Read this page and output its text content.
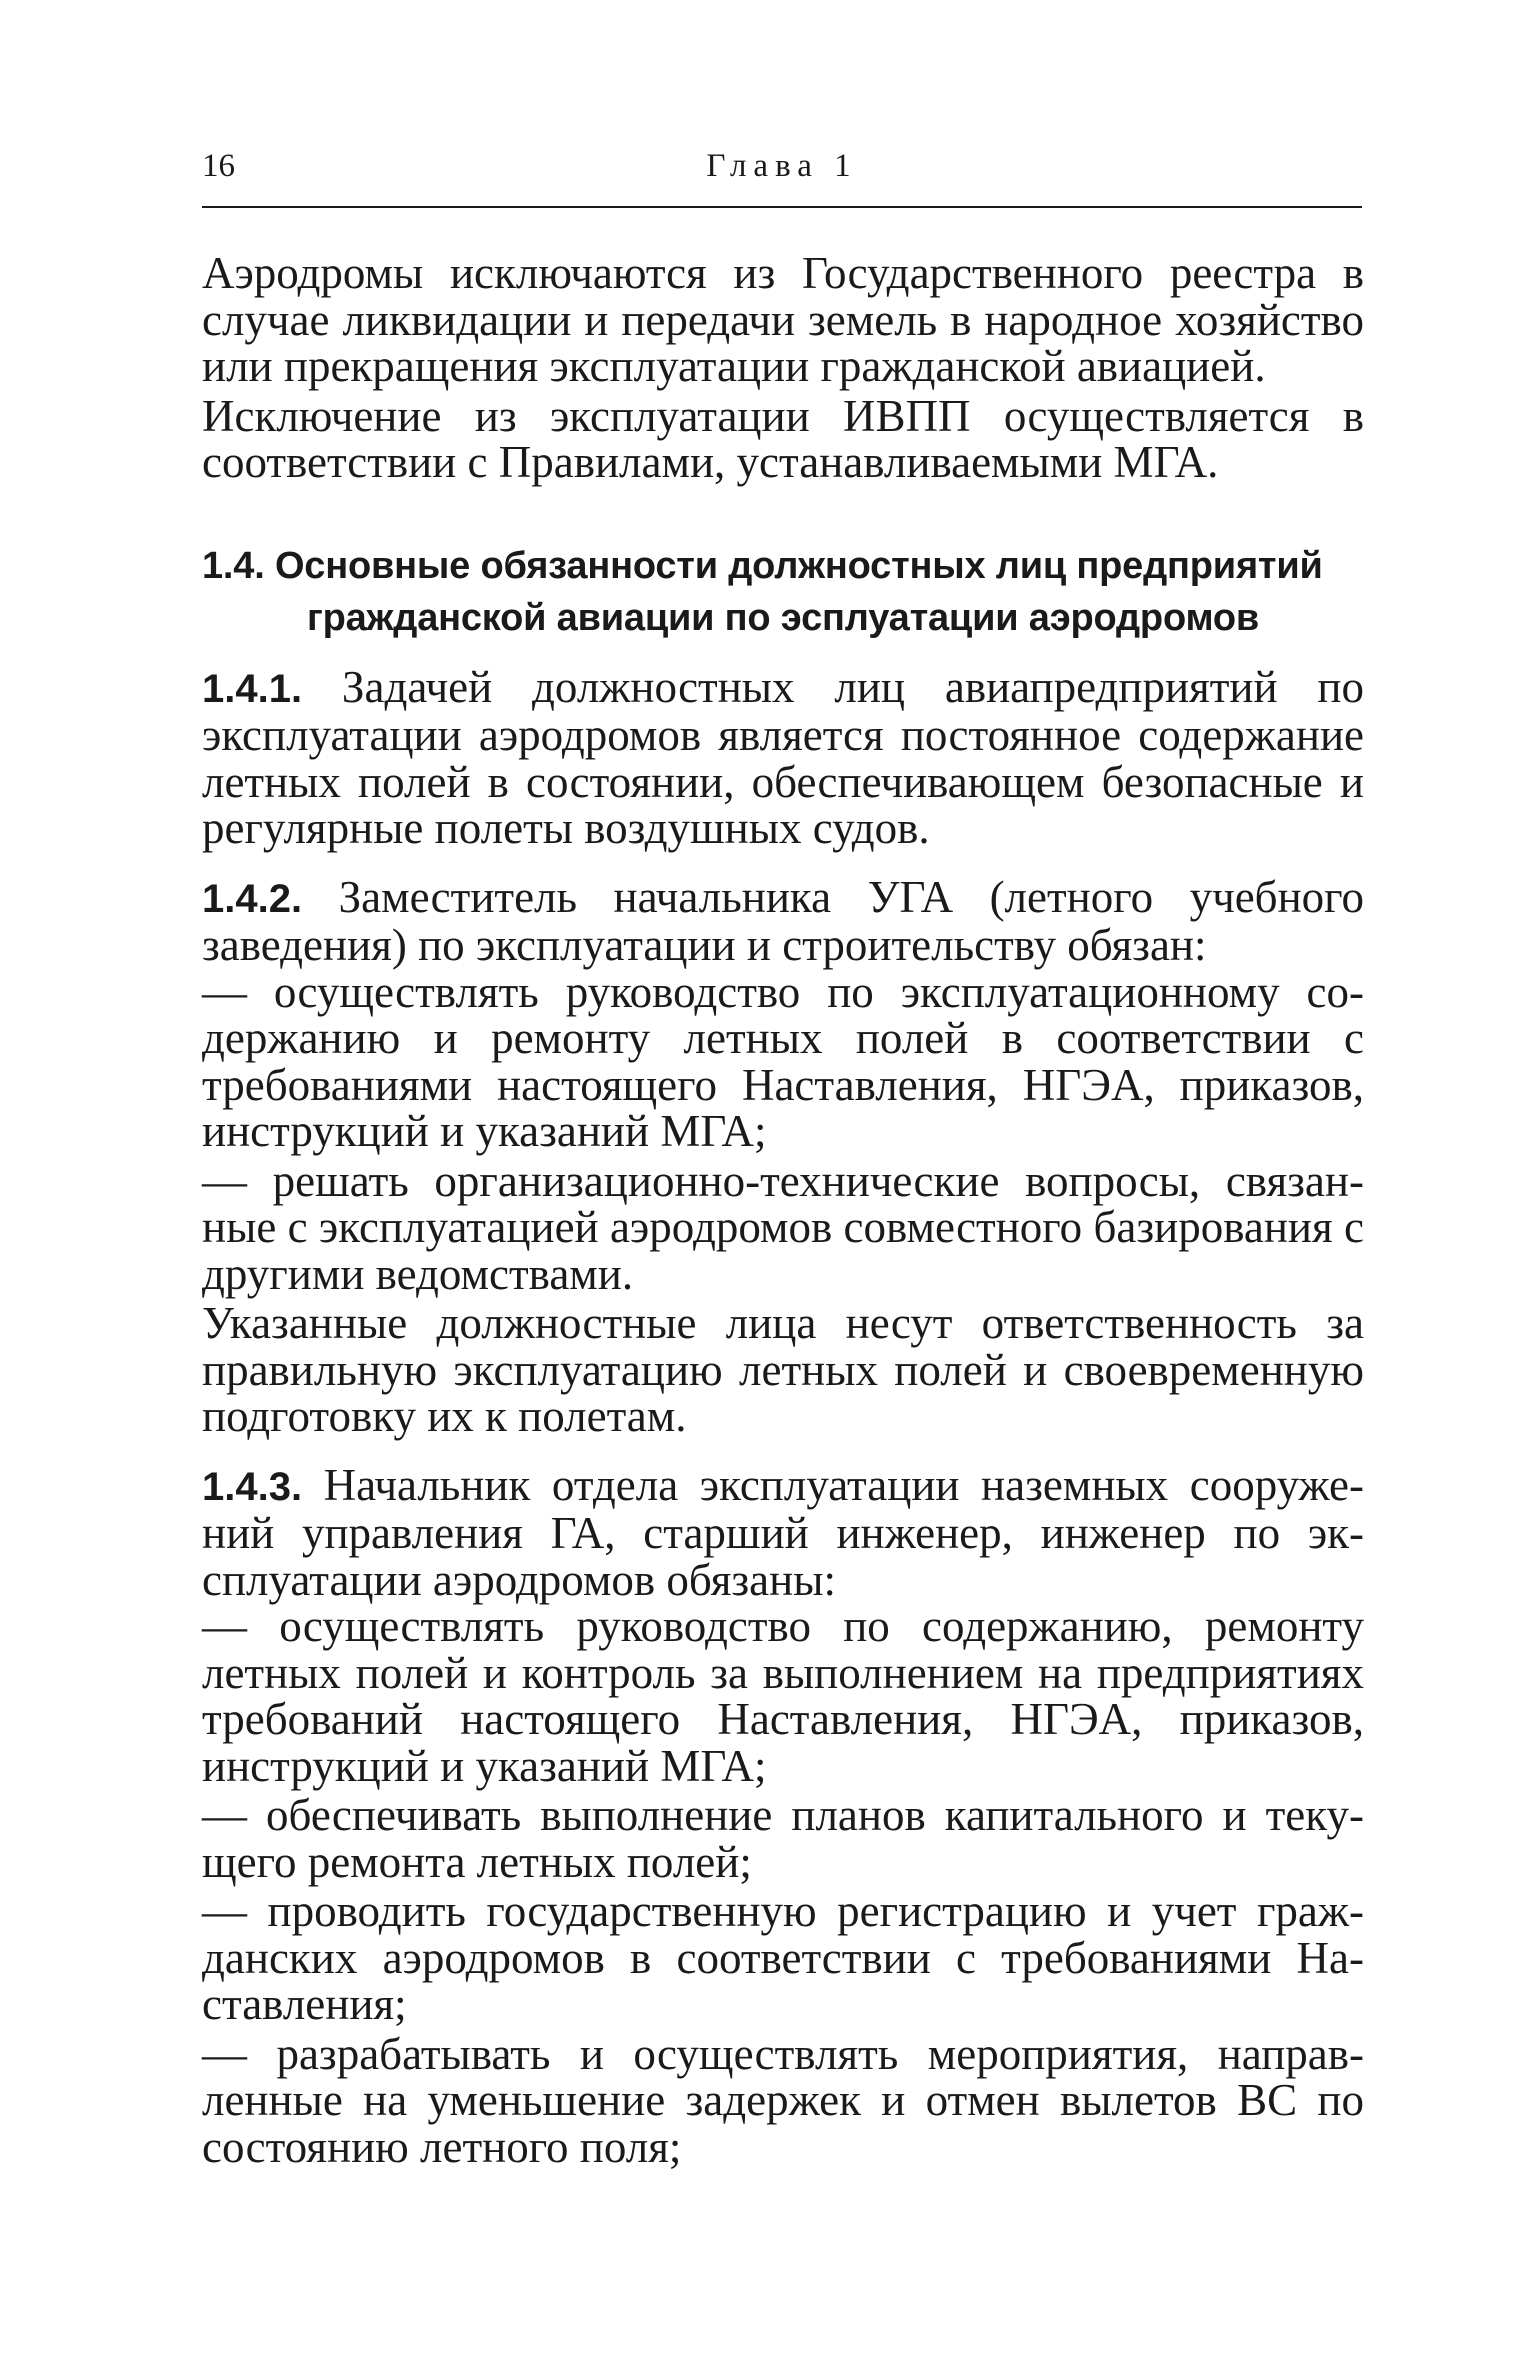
16	Глава 1

Аэродромы исключаются из Государственного реестра в случае ликвидации и передачи земель в народное хозяйство или прекращения эксплуатации гражданской авиацией.

Исключение из эксплуатации ИВПП осуществляется в соответствии с Правилами, устанавливаемыми МГА.

1.4. Основные обязанности должностных лиц предприятий
гражданской авиации по эсплуатации аэродромов

1.4.1. Задачей должностных лиц авиапредприятий по эксплуатации аэродромов является постоянное содержание летных полей в состоянии, обеспечивающем безопасные и регулярные полеты воздушных судов.

1.4.2. Заместитель начальника УГА (летного учебного заведения) по эксплуатации и строительству обязан:

— осуществлять руководство по эксплуатационному содержанию и ремонту летных полей в соответствии с требованиями настоящего Наставления, НГЭА, приказов, инструкций и указаний МГА;

— решать организационно-технические вопросы, связанные с эксплуатацией аэродромов совместного базирования с другими ведомствами.

Указанные должностные лица несут ответственность за правильную эксплуатацию летных полей и своевременную подготовку их к полетам.

1.4.3. Начальник отдела эксплуатации наземных сооружений управления ГА, старший инженер, инженер по эксплуатации аэродромов обязаны:

— осуществлять руководство по содержанию, ремонту летных полей и контроль за выполнением на предприятиях требований настоящего Наставления, НГЭА, приказов, инструкций и указаний МГА;

— обеспечивать выполнение планов капитального и текущего ремонта летных полей;

— проводить государственную регистрацию и учет гражданских аэродромов в соответствии с требованиями Наставления;

— разрабатывать и осуществлять мероприятия, направленные на уменьшение задержек и отмен вылетов ВС по состоянию летного поля;
